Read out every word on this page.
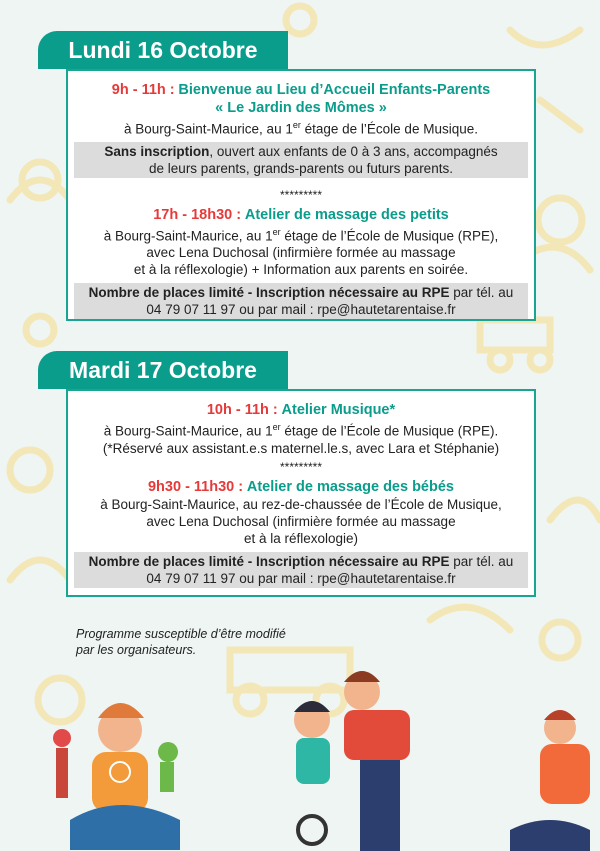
Lundi 16 Octobre
9h - 11h : Bienvenue au Lieu d’Accueil Enfants-Parents
« Le Jardin des Mômes »
à Bourg-Saint-Maurice, au 1er étage de l’École de Musique.
Sans inscription, ouvert aux enfants de 0 à 3 ans, accompagnés
de leurs parents, grands-parents ou futurs parents.
*********
17h - 18h30 : Atelier de massage des petits
à Bourg-Saint-Maurice, au 1er étage de l’École de Musique (RPE),
avec Lena Duchosal (infirmière formée au massage
et à la réflexologie) + Information aux parents en soirée.
Nombre de places limité - Inscription nécessaire au RPE par tél. au
04 79 07 11 97 ou par mail : rpe@hautetarentaise.fr
Mardi 17 Octobre
10h - 11h : Atelier Musique*
à Bourg-Saint-Maurice, au 1er étage de l’École de Musique (RPE).
(*Réservé aux assistant.e.s maternel.le.s, avec Lara et Stéphanie)
*********
9h30 - 11h30 : Atelier de massage des bébés
à Bourg-Saint-Maurice, au rez-de-chaussée de l’École de Musique,
avec Lena Duchosal (infirmière formée au massage
et à la réflexologie)
Nombre de places limité - Inscription nécessaire au RPE par tél. au
04 79 07 11 97 ou par mail : rpe@hautetarentaise.fr
Programme susceptible d’être modifié
par les organisateurs.
